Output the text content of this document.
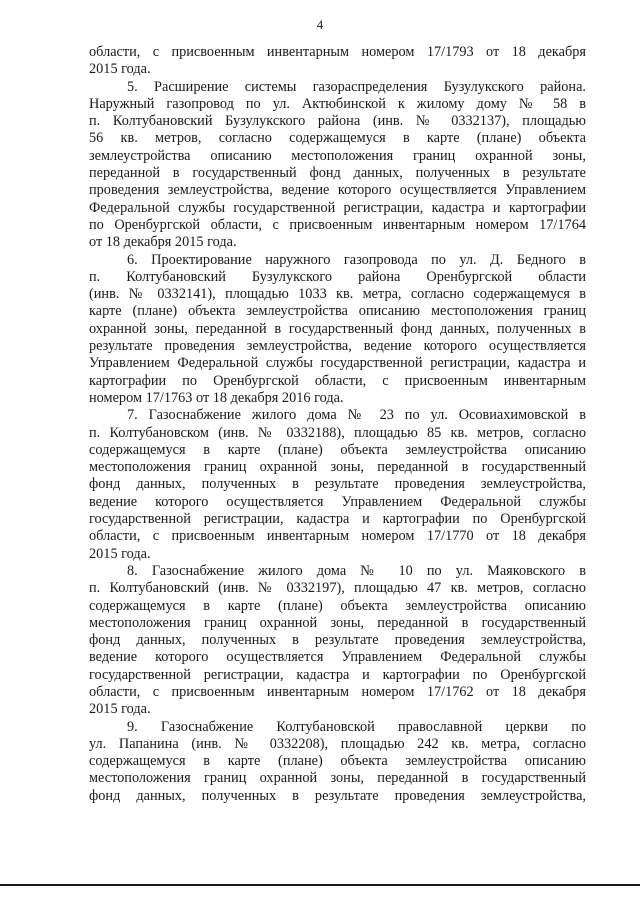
4
области, с присвоенным инвентарным номером 17/1793 от 18 декабря
2015 года.
5. Расширение системы газораспределения Бузулукского района.
Наружный газопровод по ул. Актюбинской к жилому дому № 58 в
п. Колтубановский Бузулукского района (инв. № 0332137), площадью
56 кв. метров, согласно содержащемуся в карте (плане) объекта
землеустройства описанию местоположения границ охранной зоны,
переданной в государственный фонд данных, полученных в результате
проведения землеустройства, ведение которого осуществляется Управлением
Федеральной службы государственной регистрации, кадастра и картографии
по Оренбургской области, с присвоенным инвентарным номером 17/1764
от 18 декабря 2015 года.
6. Проектирование наружного газопровода по ул. Д. Бедного в
п. Колтубановский Бузулукского района Оренбургской области
(инв. № 0332141), площадью 1033 кв. метра, согласно содержащемуся в
карте (плане) объекта землеустройства описанию местоположения границ
охранной зоны, переданной в государственный фонд данных, полученных в
результате проведения землеустройства, ведение которого осуществляется
Управлением Федеральной службы государственной регистрации, кадастра и
картографии по Оренбургской области, с присвоенным инвентарным
номером 17/1763 от 18 декабря 2016 года.
7. Газоснабжение жилого дома № 23 по ул. Осовиахимовской в
п. Колтубановском (инв. № 0332188), площадью 85 кв. метров, согласно
содержащемуся в карте (плане) объекта землеустройства описанию
местоположения границ охранной зоны, переданной в государственный
фонд данных, полученных в результате проведения землеустройства,
ведение которого осуществляется Управлением Федеральной службы
государственной регистрации, кадастра и картографии по Оренбургской
области, с присвоенным инвентарным номером 17/1770 от 18 декабря
2015 года.
8. Газоснабжение жилого дома № 10 по ул. Маяковского в
п. Колтубановский (инв. № 0332197), площадью 47 кв. метров, согласно
содержащемуся в карте (плане) объекта землеустройства описанию
местоположения границ охранной зоны, переданной в государственный
фонд данных, полученных в результате проведения землеустройства,
ведение которого осуществляется Управлением Федеральной службы
государственной регистрации, кадастра и картографии по Оренбургской
области, с присвоенным инвентарным номером 17/1762 от 18 декабря
2015 года.
9. Газоснабжение Колтубановской православной церкви по
ул. Папанина (инв. № 0332208), площадью 242 кв. метра, согласно
содержащемуся в карте (плане) объекта землеустройства описанию
местоположения границ охранной зоны, переданной в государственный
фонд данных, полученных в результате проведения землеустройства,
